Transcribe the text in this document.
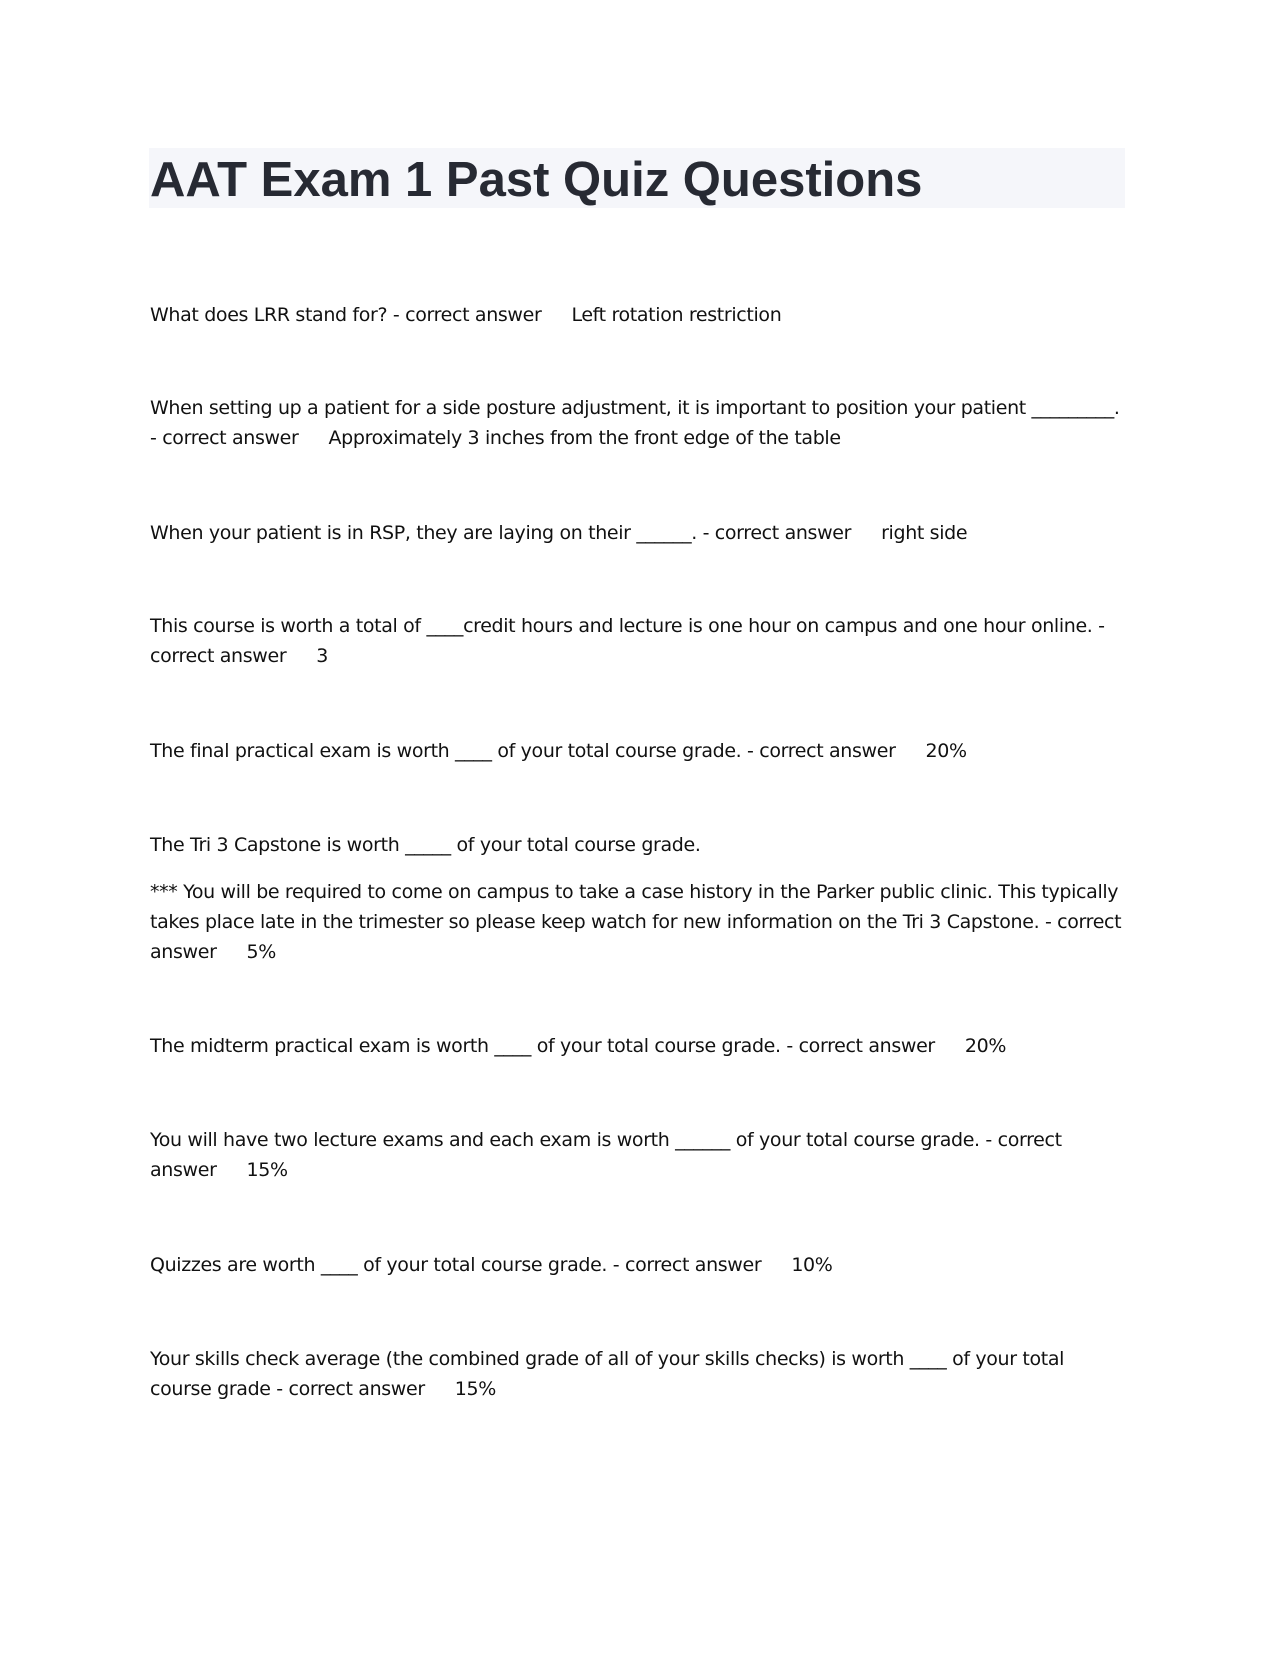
AAT Exam 1 Past Quiz Questions

What does LRR stand for? - correct answer Left rotation restriction

When setting up a patient for a side posture adjustment, it is important to position your patient _________. - correct answer Approximately 3 inches from the front edge of the table

When your patient is in RSP, they are laying on their ______. - correct answer right side

This course is worth a total of ____credit hours and lecture is one hour on campus and one hour online. - correct answer 3

The final practical exam is worth ____ of your total course grade. - correct answer 20%

The Tri 3 Capstone is worth _____ of your total course grade.
*** You will be required to come on campus to take a case history in the Parker public clinic. This typically takes place late in the trimester so please keep watch for new information on the Tri 3 Capstone. - correct answer 5%

The midterm practical exam is worth ____ of your total course grade. - correct answer 20%

You will have two lecture exams and each exam is worth ______ of your total course grade. - correct answer 15%

Quizzes are worth ____ of your total course grade. - correct answer 10%

Your skills check average (the combined grade of all of your skills checks) is worth ____ of your total course grade - correct answer 15%
